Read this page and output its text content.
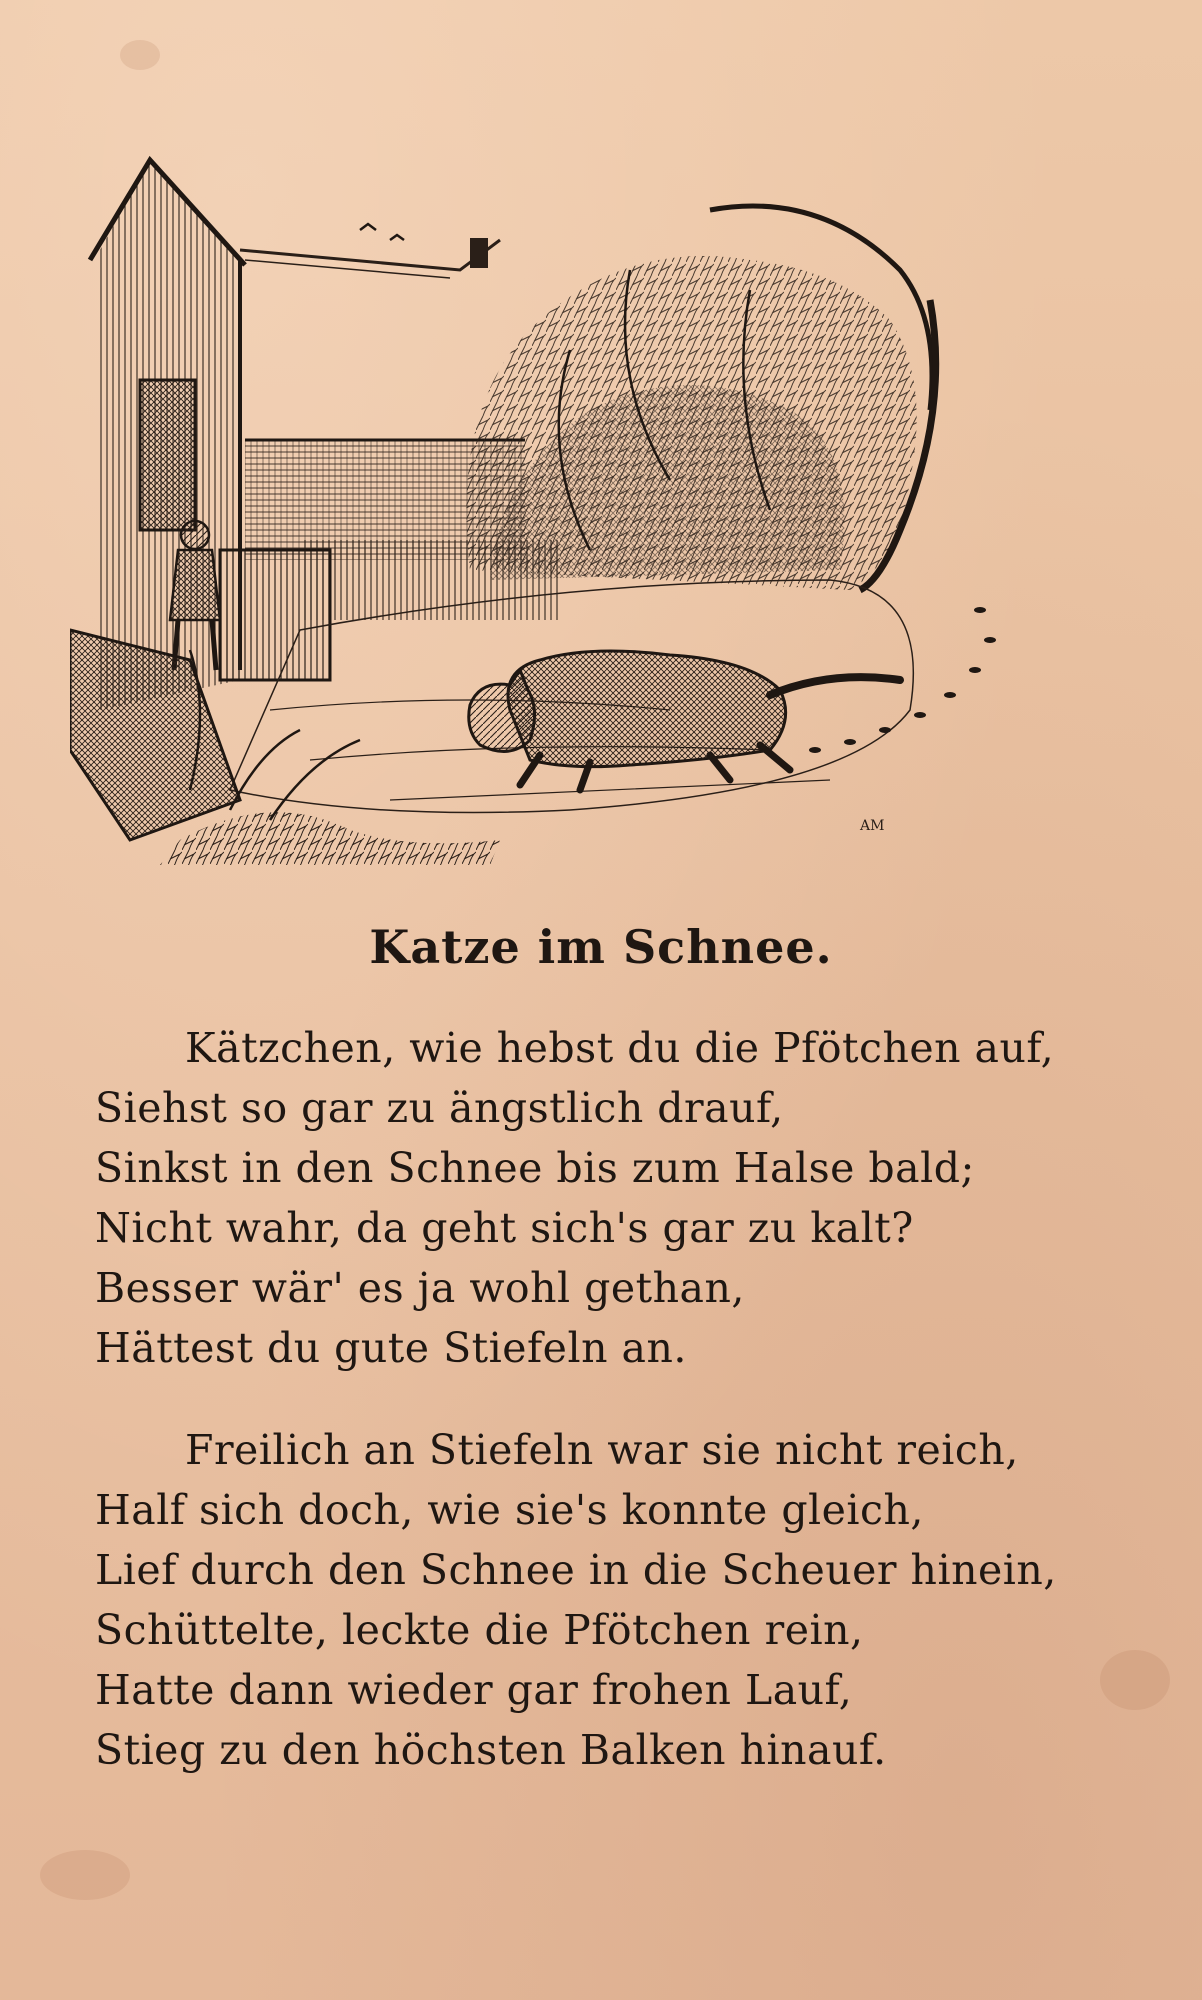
AM
Katze im Schnee.
Kätzchen, wie hebst du die Pfötchen auf,
Siehst so gar zu ängstlich drauf,
Sinkst in den Schnee bis zum Halse bald;
Nicht wahr, da geht sich's gar zu kalt?
Besser wär' es ja wohl gethan,
Hättest du gute Stiefeln an.
Freilich an Stiefeln war sie nicht reich,
Half sich doch, wie sie's konnte gleich,
Lief durch den Schnee in die Scheuer hinein,
Schüttelte, leckte die Pfötchen rein,
Hatte dann wieder gar frohen Lauf,
Stieg zu den höchsten Balken hinauf.
